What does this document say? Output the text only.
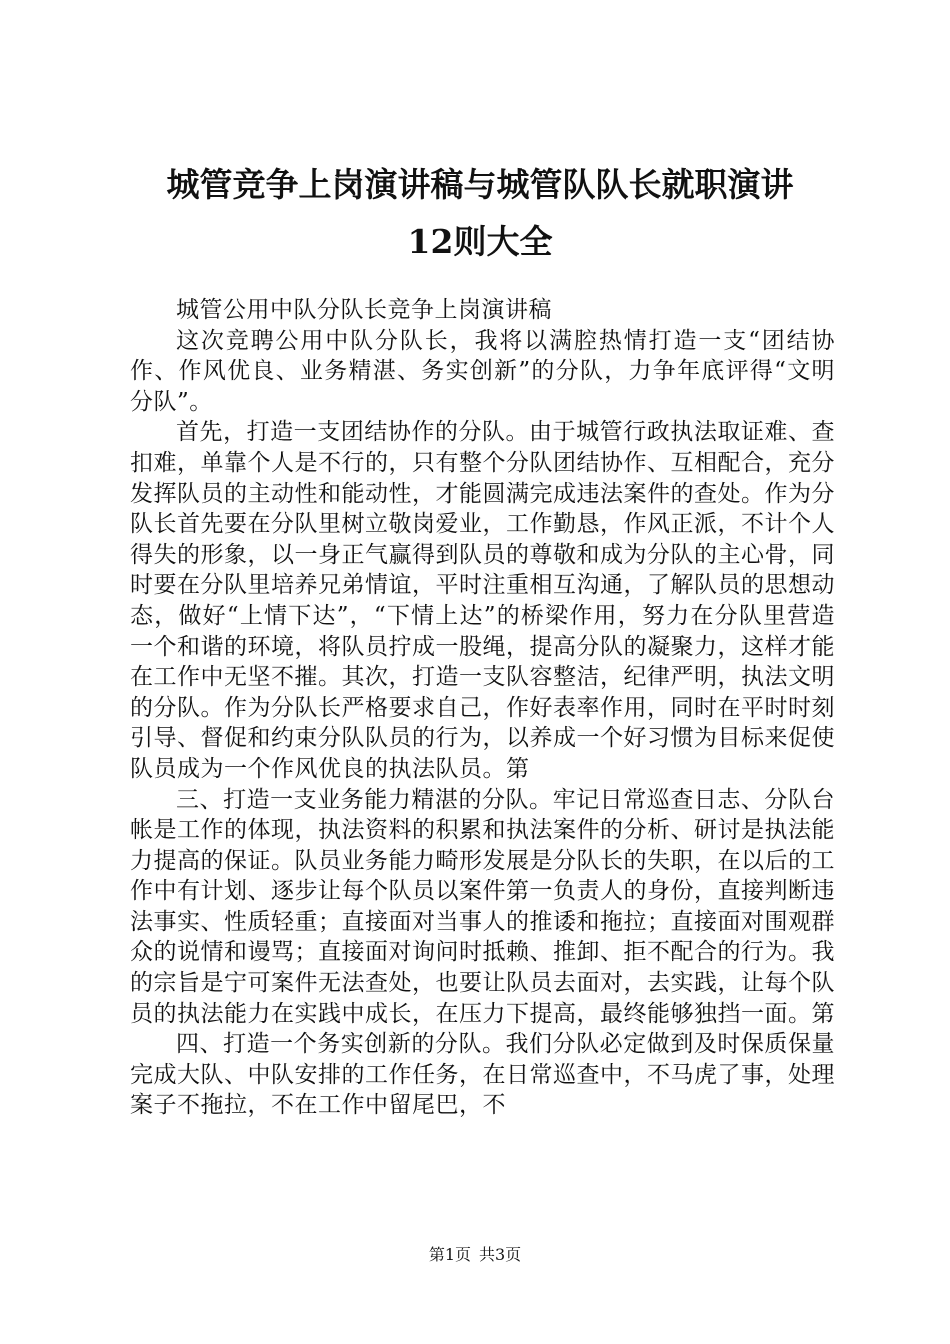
城管竞争上岗演讲稿与城管队队长就职演讲
12则大全

城管公用中队分队长竞争上岗演讲稿

这次竞聘公用中队分队长，我将以满腔热情打造一支“团结协作、作风优良、业务精湛、务实创新”的分队，力争年底评得“文明分队”。

首先，打造一支团结协作的分队。由于城管行政执法取证难、查扣难，单靠个人是不行的，只有整个分队团结协作、互相配合，充分发挥队员的主动性和能动性，才能圆满完成违法案件的查处。作为分队长首先要在分队里树立敬岗爱业，工作勤恳，作风正派，不计个人得失的形象，以一身正气赢得到队员的尊敬和成为分队的主心骨，同时要在分队里培养兄弟情谊，平时注重相互沟通，了解队员的思想动态，做好“上情下达”，“下情上达”的桥梁作用，努力在分队里营造一个和谐的环境，将队员拧成一股绳，提高分队的凝聚力，这样才能在工作中无坚不摧。其次，打造一支队容整洁，纪律严明，执法文明的分队。作为分队长严格要求自己，作好表率作用，同时在平时时刻引导、督促和约束分队队员的行为，以养成一个好习惯为目标来促使队员成为一个作风优良的执法队员。第

三、打造一支业务能力精湛的分队。牢记日常巡查日志、分队台帐是工作的体现，执法资料的积累和执法案件的分析、研讨是执法能力提高的保证。队员业务能力畸形发展是分队长的失职，在以后的工作中有计划、逐步让每个队员以案件第一负责人的身份，直接判断违法事实、性质轻重；直接面对当事人的推诿和拖拉；直接面对围观群众的说情和谩骂；直接面对询问时抵赖、推卸、拒不配合的行为。我的宗旨是宁可案件无法查处，也要让队员去面对，去实践，让每个队员的执法能力在实践中成长，在压力下提高，最终能够独挡一面。第

四、打造一个务实创新的分队。我们分队必定做到及时保质保量完成大队、中队安排的工作任务，在日常巡查中，不马虎了事，处理案子不拖拉，不在工作中留尾巴，不

第1页 共3页
